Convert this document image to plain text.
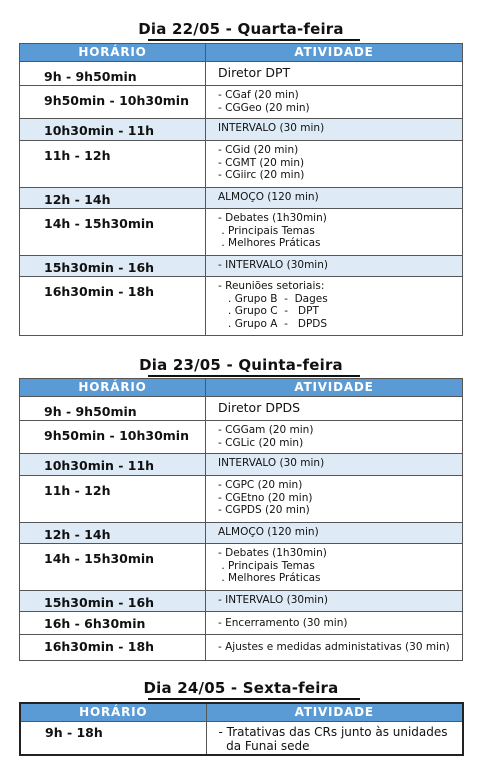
Dia 22/05 - Quarta-feira
HORÁRIO	ATIVIDADE
9h - 9h50min	Diretor DPT

9h50min - 10h30min	- CGaf (20 min)
- CGGeo (20 min)

10h30min - 11h	INTERVALO (30 min)

11h - 12h	- CGid (20 min)
- CGMT (20 min)
- CGiirc (20 min)

12h - 14h	ALMOÇO (120 min)

14h - 15h30min	- Debates (1h30min)
. Principais Temas
. Melhores Práticas

15h30min - 16h	- INTERVALO (30min)

16h30min - 18h	- Reuniões setoriais:
. Grupo B  -  Dages
. Grupo C  -   DPT
. Grupo A  -   DPDS
Dia 23/05 - Quinta-feira
HORÁRIO	ATIVIDADE
9h - 9h50min	Diretor DPDS

9h50min - 10h30min	- CGGam (20 min)
- CGLic (20 min)

10h30min - 11h	INTERVALO (30 min)

11h - 12h	- CGPC (20 min)
- CGEtno (20 min)
- CGPDS (20 min)

12h - 14h	ALMOÇO (120 min)

14h - 15h30min	- Debates (1h30min)
. Principais Temas
. Melhores Práticas

15h30min - 16h	- INTERVALO (30min)

16h - 6h30min	- Encerramento (30 min)

16h30min - 18h	- Ajustes e medidas administativas (30 min)
Dia 24/05 - Sexta-feira
HORÁRIO	ATIVIDADE
9h - 18h	- Tratativas das CRs junto às unidades
da Funai sede
